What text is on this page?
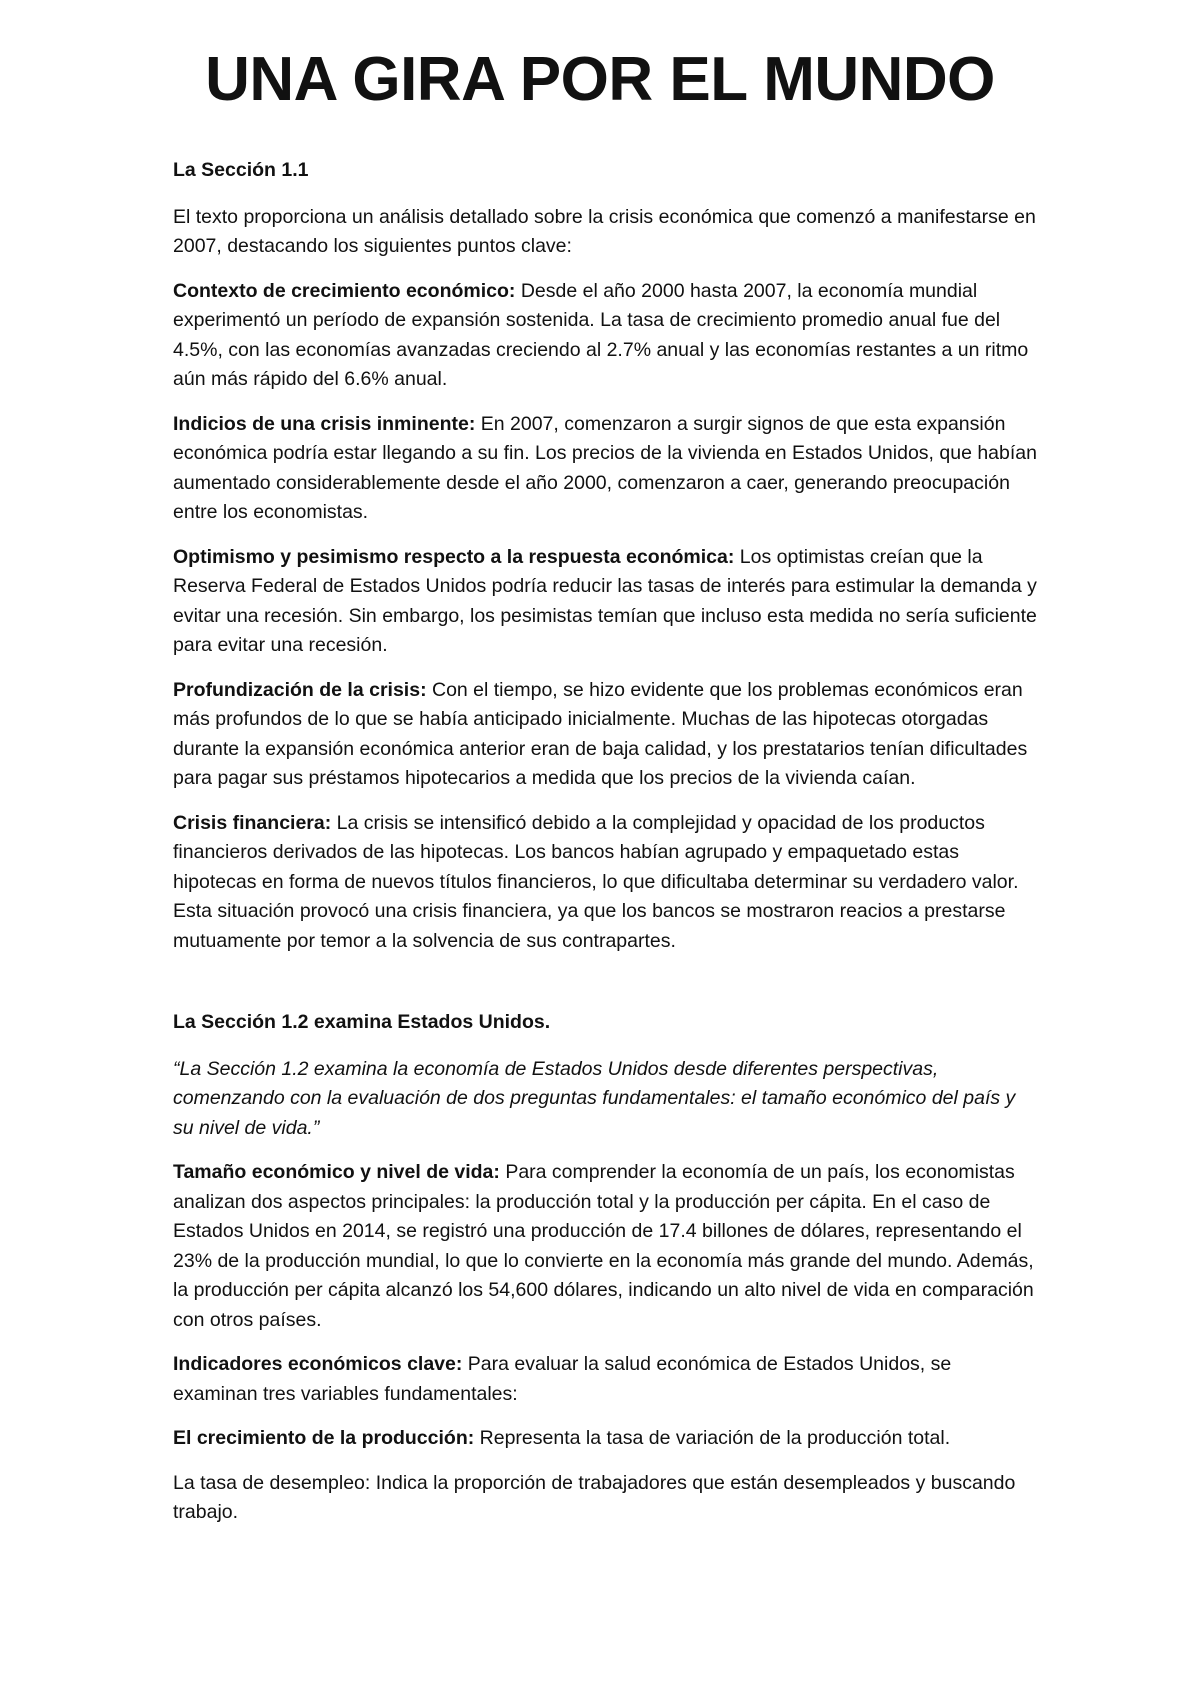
UNA GIRA POR EL MUNDO

La Sección 1.1

El texto proporciona un análisis detallado sobre la crisis económica que comenzó a manifestarse en 2007, destacando los siguientes puntos clave:

Contexto de crecimiento económico: Desde el año 2000 hasta 2007, la economía mundial experimentó un período de expansión sostenida. La tasa de crecimiento promedio anual fue del 4.5%, con las economías avanzadas creciendo al 2.7% anual y las economías restantes a un ritmo aún más rápido del 6.6% anual.

Indicios de una crisis inminente: En 2007, comenzaron a surgir signos de que esta expansión económica podría estar llegando a su fin. Los precios de la vivienda en Estados Unidos, que habían aumentado considerablemente desde el año 2000, comenzaron a caer, generando preocupación entre los economistas.

Optimismo y pesimismo respecto a la respuesta económica: Los optimistas creían que la Reserva Federal de Estados Unidos podría reducir las tasas de interés para estimular la demanda y evitar una recesión. Sin embargo, los pesimistas temían que incluso esta medida no sería suficiente para evitar una recesión.

Profundización de la crisis: Con el tiempo, se hizo evidente que los problemas económicos eran más profundos de lo que se había anticipado inicialmente. Muchas de las hipotecas otorgadas durante la expansión económica anterior eran de baja calidad, y los prestatarios tenían dificultades para pagar sus préstamos hipotecarios a medida que los precios de la vivienda caían.

Crisis financiera: La crisis se intensificó debido a la complejidad y opacidad de los productos financieros derivados de las hipotecas. Los bancos habían agrupado y empaquetado estas hipotecas en forma de nuevos títulos financieros, lo que dificultaba determinar su verdadero valor. Esta situación provocó una crisis financiera, ya que los bancos se mostraron reacios a prestarse mutuamente por temor a la solvencia de sus contrapartes.

La Sección 1.2 examina Estados Unidos.

“La Sección 1.2 examina la economía de Estados Unidos desde diferentes perspectivas, comenzando con la evaluación de dos preguntas fundamentales: el tamaño económico del país y su nivel de vida.”

Tamaño económico y nivel de vida: Para comprender la economía de un país, los economistas analizan dos aspectos principales: la producción total y la producción per cápita. En el caso de Estados Unidos en 2014, se registró una producción de 17.4 billones de dólares, representando el 23% de la producción mundial, lo que lo convierte en la economía más grande del mundo. Además, la producción per cápita alcanzó los 54,600 dólares, indicando un alto nivel de vida en comparación con otros países.

Indicadores económicos clave: Para evaluar la salud económica de Estados Unidos, se examinan tres variables fundamentales:

El crecimiento de la producción: Representa la tasa de variación de la producción total.

La tasa de desempleo: Indica la proporción de trabajadores que están desempleados y buscando trabajo.
